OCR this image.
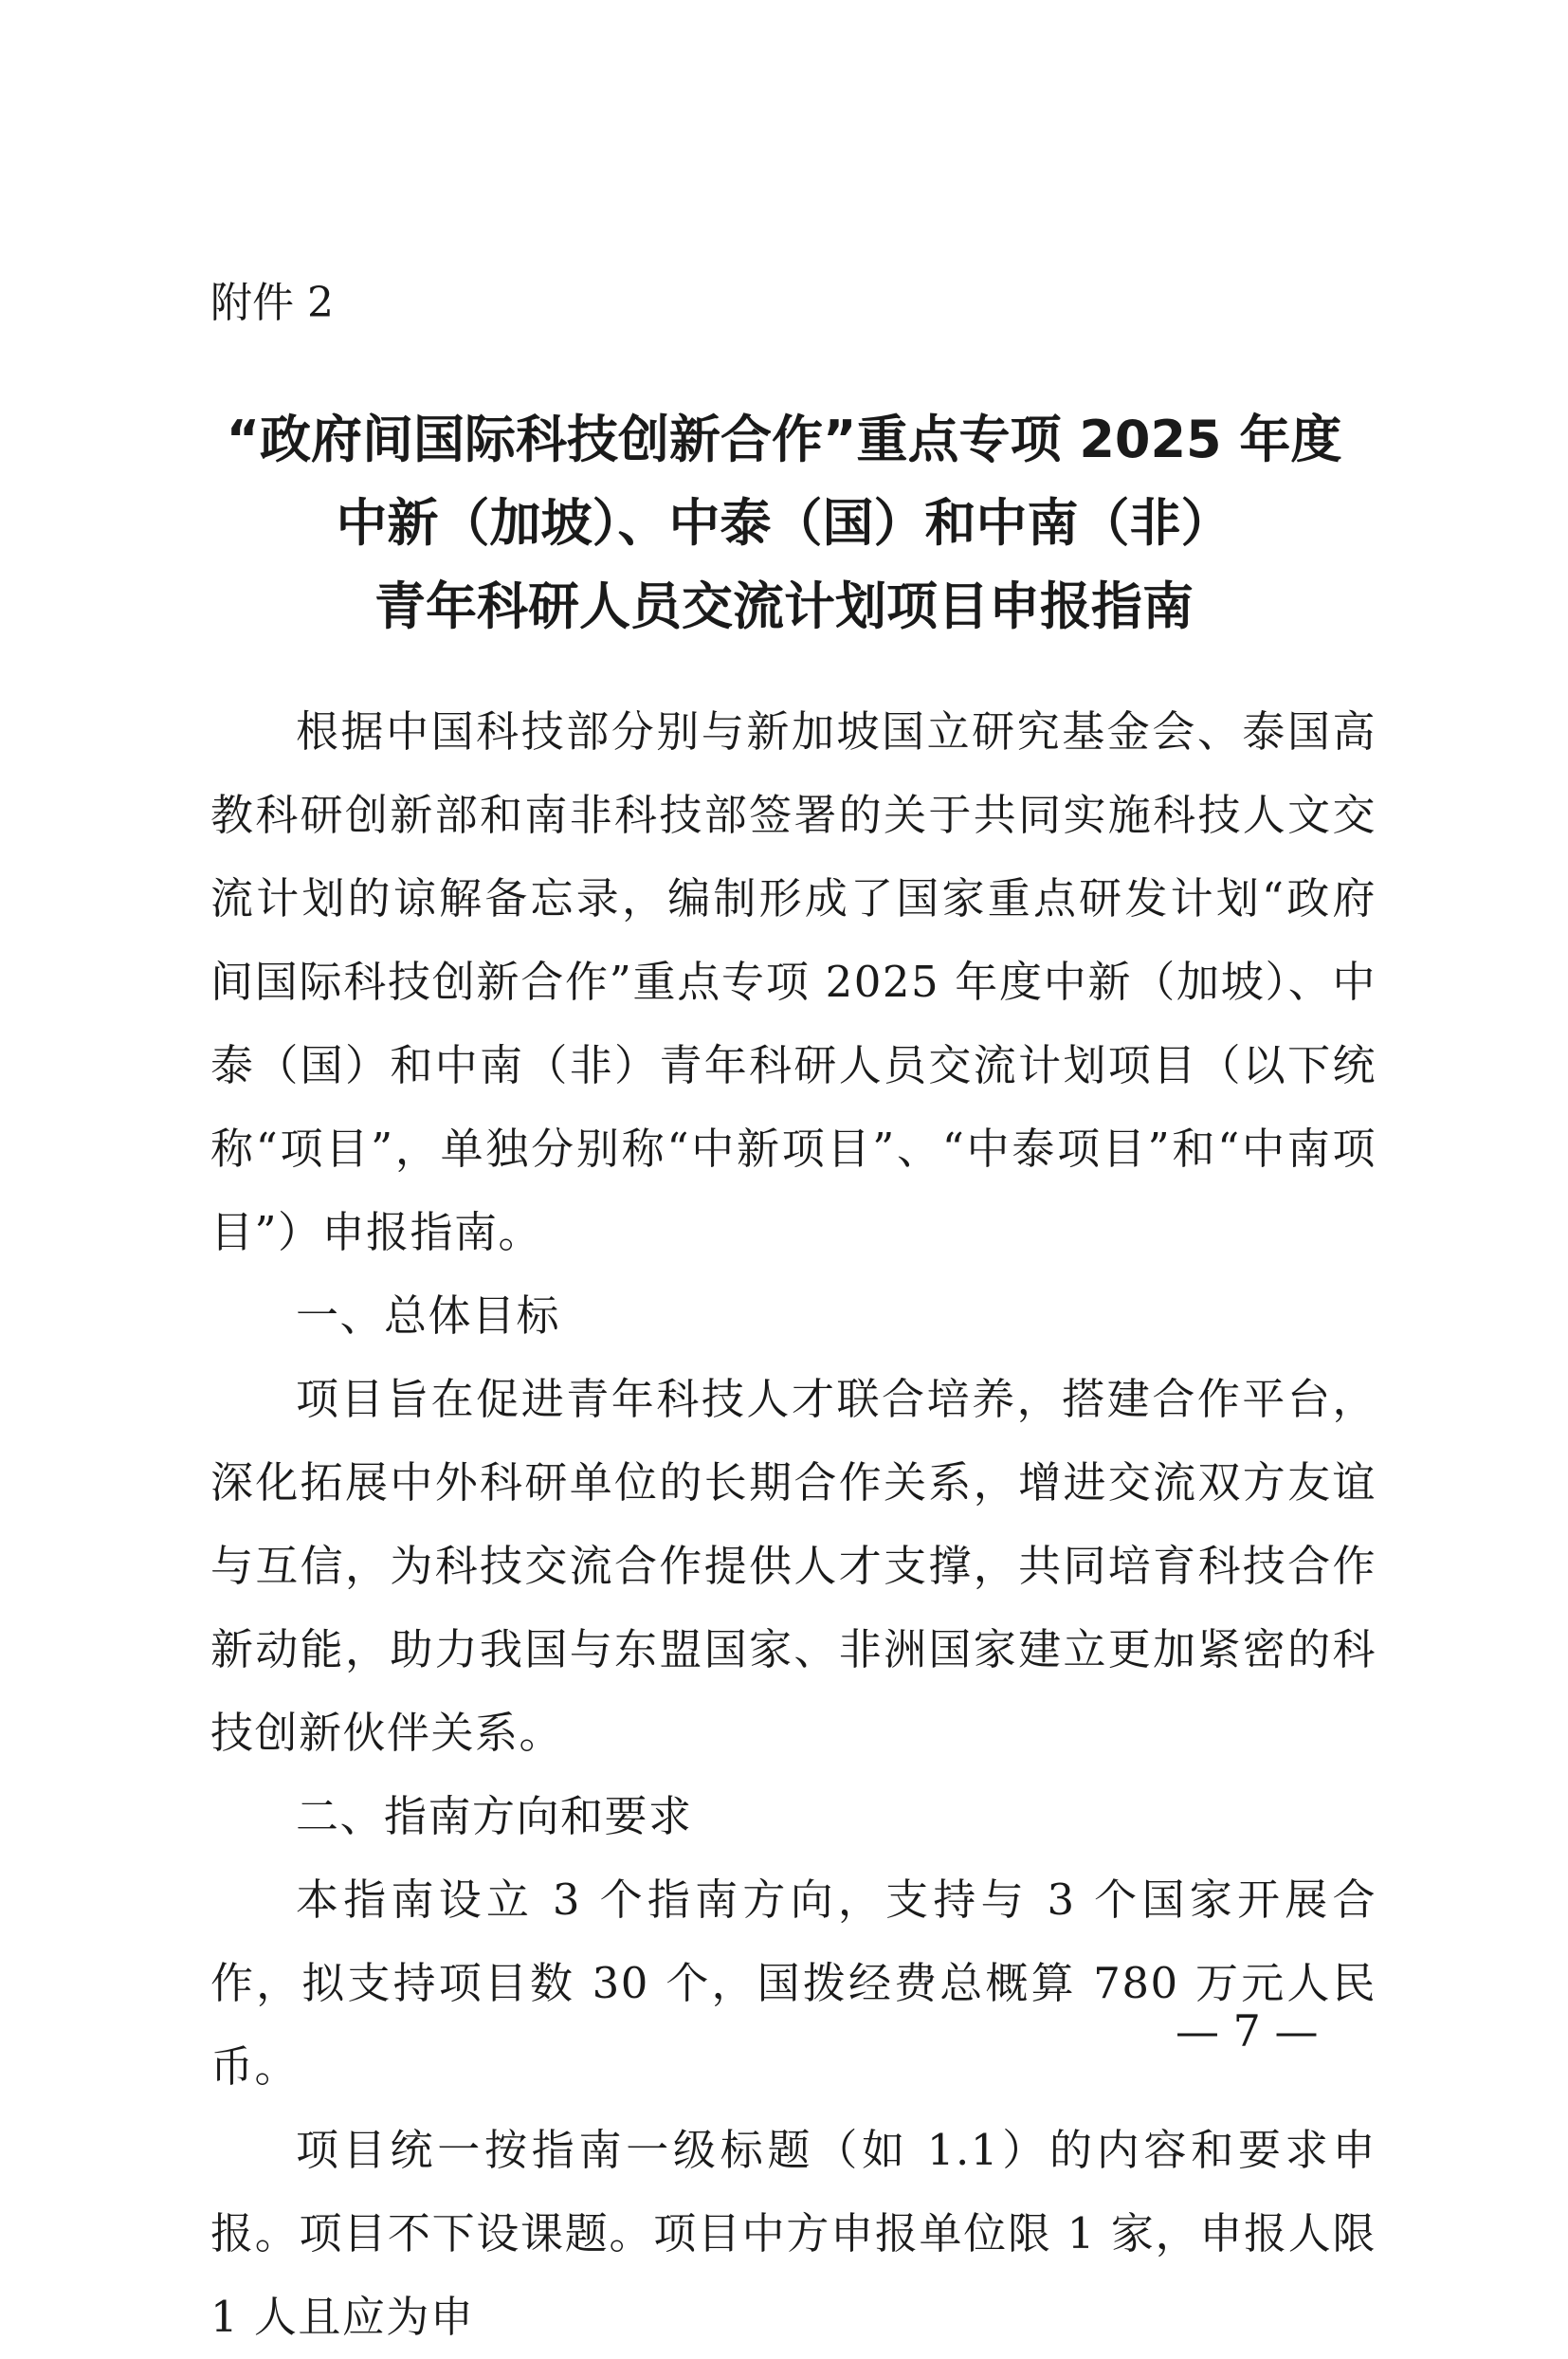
附件 2
“政府间国际科技创新合作”重点专项 2025 年度
中新（加坡）、中泰（国）和中南（非）
青年科研人员交流计划项目申报指南

根据中国科技部分别与新加坡国立研究基金会、泰国高教科研创新部和南非科技部签署的关于共同实施科技人文交流计划的谅解备忘录，编制形成了国家重点研发计划“政府间国际科技创新合作”重点专项 2025 年度中新（加坡）、中泰（国）和中南（非）青年科研人员交流计划项目（以下统称“项目”，单独分别称“中新项目”、“中泰项目”和“中南项目”）申报指南。

一、总体目标

项目旨在促进青年科技人才联合培养，搭建合作平台，深化拓展中外科研单位的长期合作关系，增进交流双方友谊与互信，为科技交流合作提供人才支撑，共同培育科技合作新动能，助力我国与东盟国家、非洲国家建立更加紧密的科技创新伙伴关系。

二、指南方向和要求

本指南设立 3 个指南方向，支持与 3 个国家开展合作，拟支持项目数 30 个，国拨经费总概算 780 万元人民币。

项目统一按指南一级标题（如 1.1）的内容和要求申报。项目不下设课题。项目中方申报单位限 1 家，申报人限 1 人且应为申

— 7 —
